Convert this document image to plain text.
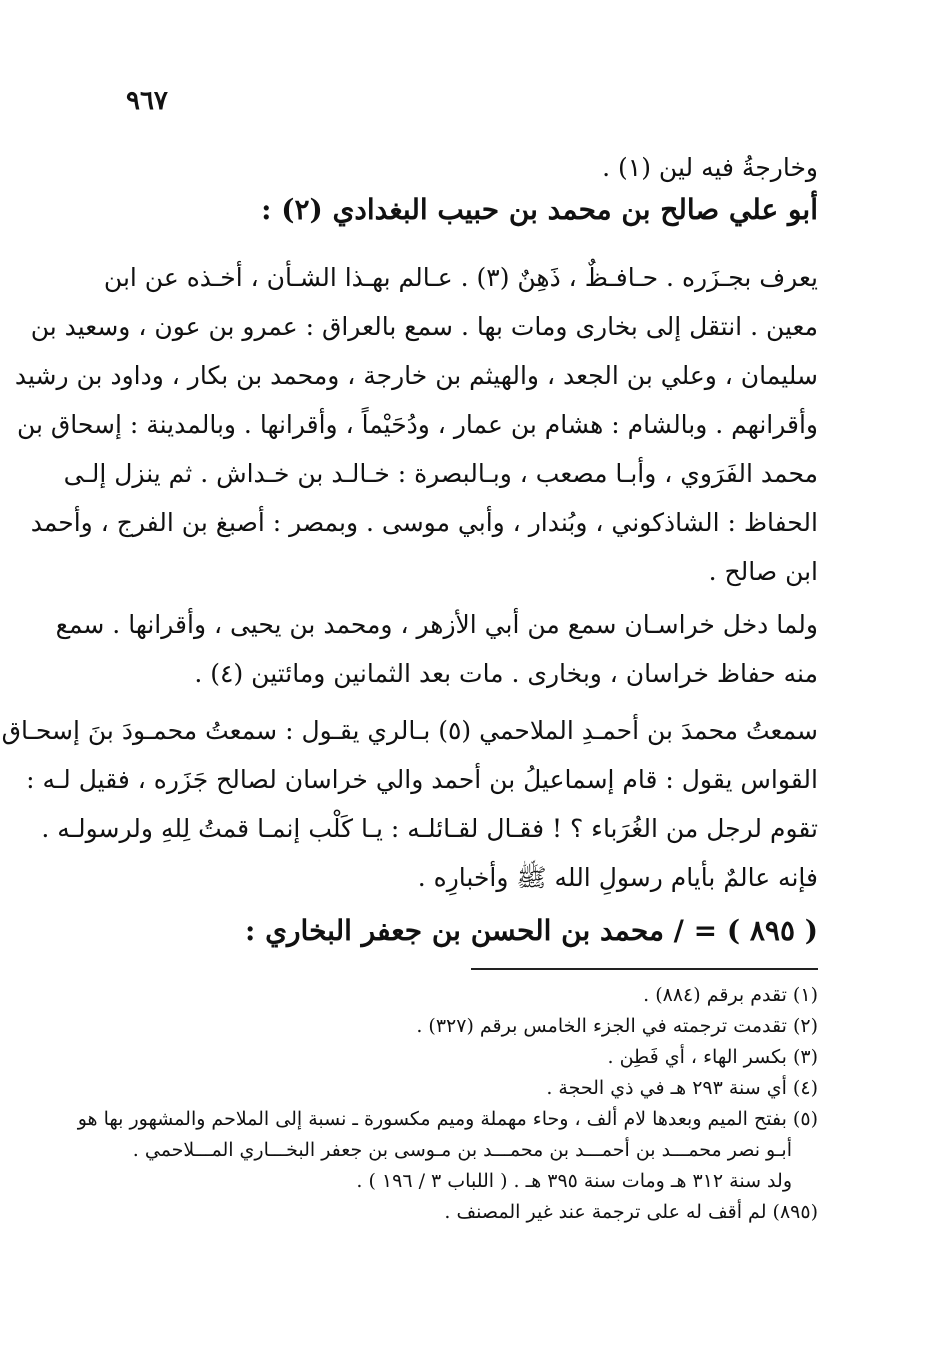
٩٦٧
وخارجةُ فيه لين (١) .
أبو علي صالح بن محمد بن حبيب البغدادي (٢) :
يعرف بجـزَره . حـافـظٌ ، ذَهِنٌ (٣) . عـالم بهـذا الشـأن ، أخـذه عن ابن
معين . انتقل إلى بخارى ومات بها . سمع بالعراق : عمرو بن عون ، وسعيد بن
سليمان ، وعلي بن الجعد ، والهيثم بن خارجة ، ومحمد بن بكار ، وداود بن رشيد
وأقرانهم . وبالشام : هشام بن عمار ، ودُحَيْماً ، وأقرانها . وبالمدينة : إسحاق بن
محمد الفَرَوي ، وأبـا مصعب ، وبـالبصرة : خـالـد بن خـداش . ثم ينزل إلـى
الحفاظ : الشاذكوني ، وبُندار ، وأبي موسى . وبمصر : أصبغ بن الفرج ، وأحمد
ابن صالح .
ولما دخل خراسـان سمع من أبي الأزهر ، ومحمد بن يحيى ، وأقرانها . سمع
منه حفاظ خراسان ، وبخارى . مات بعد الثمانين ومائتين (٤) .
سمعتُ محمدَ بن أحمـدِ الملاحمي (٥) بـالري يقـول : سمعتُ محمـودَ بنَ إسحـاق
القواس يقول : قام إسماعيلُ بن أحمد والي خراسان لصالح جَزَره ، فقيل لـه :
تقوم لرجل من الغُرَباء ؟ ! فقـال لقـائلـه : يـا كَلْب إنمـا قمتُ لِلهِ ولرسولـه .
فإنه عالمٌ بأيام رسولِ الله ﷺ وأخبارِه .
( ٨٩٥ ) = / محمد بن الحسن بن جعفر البخاري :
(١) تقدم برقم (٨٨٤) .
(٢) تقدمت ترجمته في الجزء الخامس برقم (٣٢٧) .
(٣) بكسر الهاء ، أي فَطِن .
(٤) أي سنة ٢٩٣ هـ في ذي الحجة .
(٥) بفتح الميم وبعدها لام ألف ، وحاء مهملة وميم مكسورة ـ نسبة إلى الملاحم والمشهور بها هو
أبـو نصر محمـــد بن أحمـــد بن محمـــد بن مـوسى بن جعفر البخـــاري المـــلاحمي .
ولد سنة ٣١٢ هـ ومات سنة ٣٩٥ هـ . ( اللباب ٣ / ١٩٦ ) .
(٨٩٥) لم أقف له على ترجمة عند غير المصنف .
